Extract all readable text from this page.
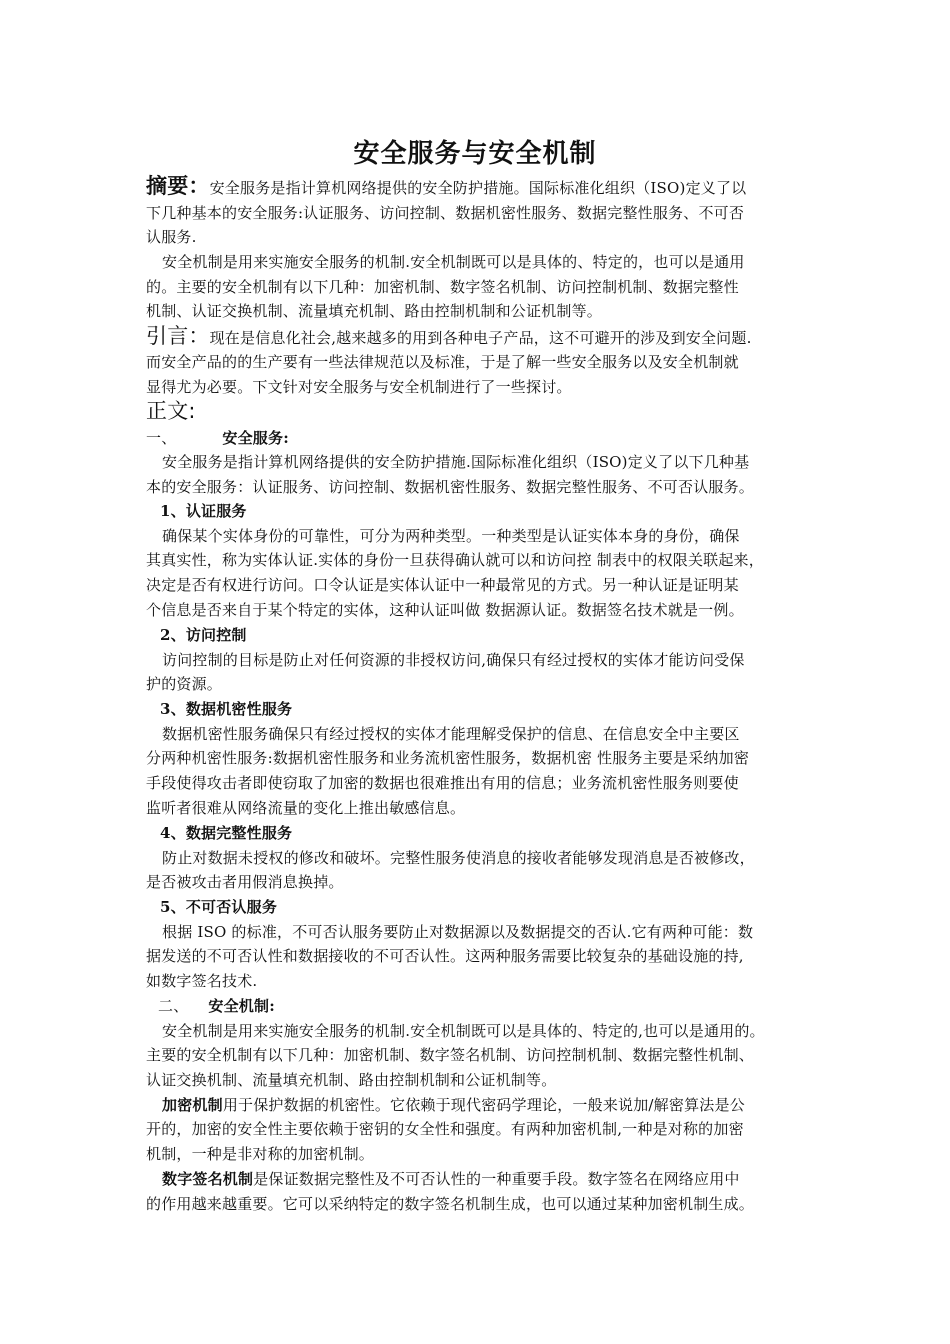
安全服务与安全机制
摘要：安全服务是指计算机网络提供的安全防护措施。国际标准化组织（ISO)定义了以
下几种基本的安全服务:认证服务、访问控制、数据机密性服务、数据完整性服务、不可否
认服务.
安全机制是用来实施安全服务的机制.安全机制既可以是具体的、特定的，也可以是通用
的。主要的安全机制有以下几种：加密机制、数字签名机制、访问控制机制、数据完整性
机制、认证交换机制、流量填充机制、路由控制机制和公证机制等。
引言：现在是信息化社会,越来越多的用到各种电子产品，这不可避开的涉及到安全问题.
而安全产品的的生产要有一些法律规范以及标准，于是了解一些安全服务以及安全机制就
显得尤为必要。下文针对安全服务与安全机制进行了一些探讨。
正文:
一、	安全服务:
安全服务是指计算机网络提供的安全防护措施.国际标准化组织（ISO)定义了以下几种基
本的安全服务：认证服务、访问控制、数据机密性服务、数据完整性服务、不可否认服务。
1、认证服务
确保某个实体身份的可靠性，可分为两种类型。一种类型是认证实体本身的身份，确保
其真实性，称为实体认证.实体的身份一旦获得确认就可以和访问控 制表中的权限关联起来，
决定是否有权进行访问。口令认证是实体认证中一种最常见的方式。另一种认证是证明某
个信息是否来自于某个特定的实体，这种认证叫做 数据源认证。数据签名技术就是一例。
2、访问控制
访问控制的目标是防止对任何资源的非授权访问,确保只有经过授权的实体才能访问受保
护的资源。
3、数据机密性服务
数据机密性服务确保只有经过授权的实体才能理解受保护的信息、在信息安全中主要区
分两种机密性服务:数据机密性服务和业务流机密性服务，数据机密 性服务主要是采纳加密
手段使得攻击者即使窃取了加密的数据也很难推出有用的信息；业务流机密性服务则要使
监听者很难从网络流量的变化上推出敏感信息。
4、数据完整性服务
防止对数据未授权的修改和破坏。完整性服务使消息的接收者能够发现消息是否被修改，
是否被攻击者用假消息换掉。
5、不可否认服务
根据 ISO 的标准，不可否认服务要防止对数据源以及数据提交的否认.它有两种可能：数
据发送的不可否认性和数据接收的不可否认性。这两种服务需要比较复杂的基础设施的持,
如数字签名技术.
二、 安全机制:
安全机制是用来实施安全服务的机制.安全机制既可以是具体的、特定的,也可以是通用的。
主要的安全机制有以下几种：加密机制、数字签名机制、访问控制机制、数据完整性机制、
认证交换机制、流量填充机制、路由控制机制和公证机制等。
加密机制用于保护数据的机密性。它依赖于现代密码学理论，一般来说加/解密算法是公
开的，加密的安全性主要依赖于密钥的女全性和强度。有两种加密机制,一种是对称的加密
机制，一种是非对称的加密机制。
数字签名机制是保证数据完整性及不可否认性的一种重要手段。数字签名在网络应用中
的作用越来越重要。它可以采纳特定的数字签名机制生成，也可以通过某种加密机制生成。
